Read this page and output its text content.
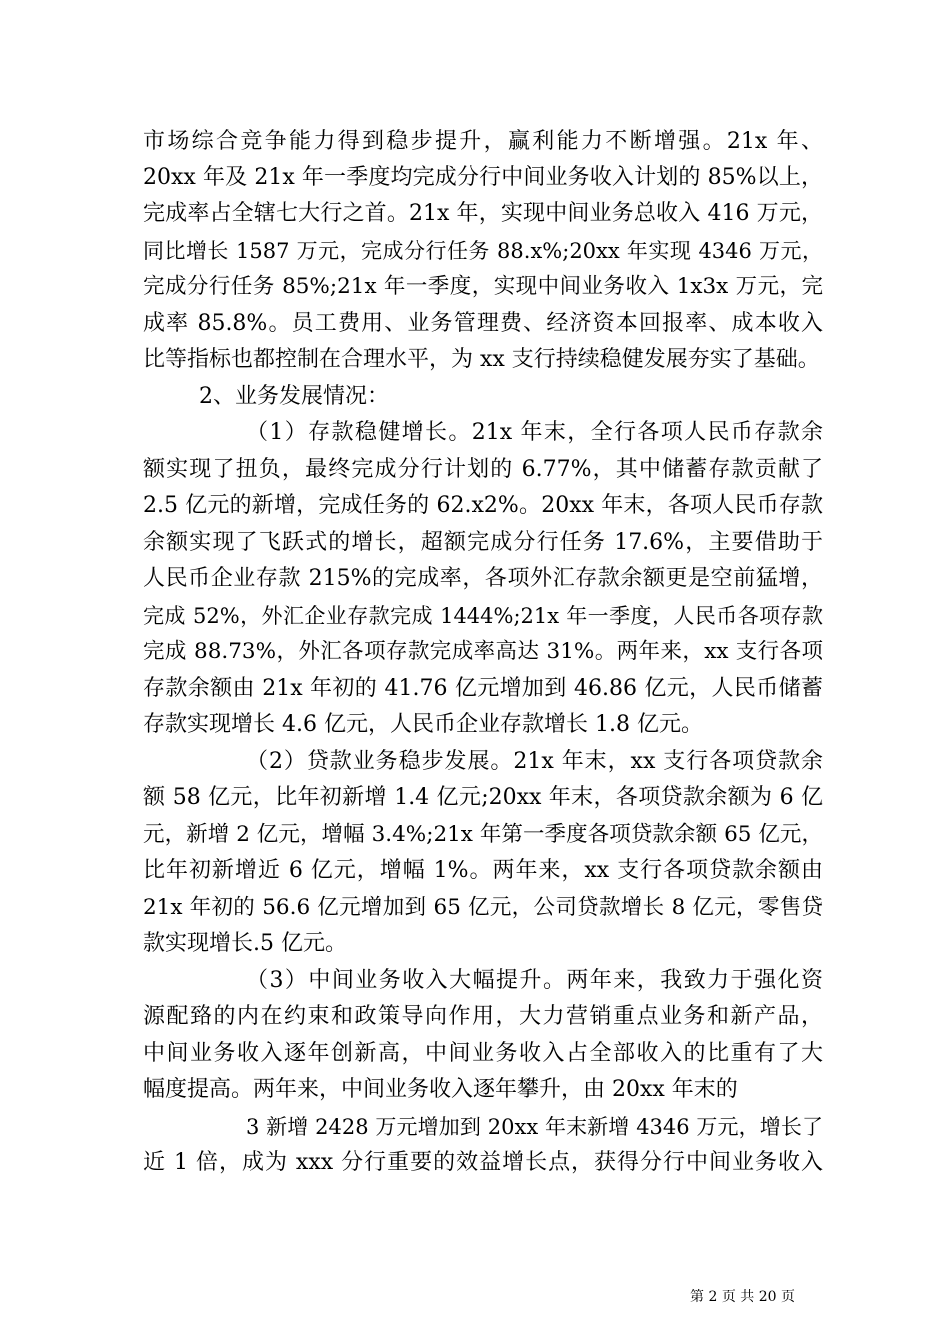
市场综合竞争能力得到稳步提升，赢利能力不断增强。21x 年、
20xx 年及 21x 年一季度均完成分行中间业务收入计划的 85%以上，
完成率占全辖七大行之首。21x 年，实现中间业务总收入 416 万元，
同比增长 1587 万元，完成分行任务 88.x%;20xx 年实现 4346 万元，
完成分行任务 85%;21x 年一季度，实现中间业务收入 1x3x 万元，完
成率 85.8%。员工费用、业务管理费、经济资本回报率、成本收入
比等指标也都控制在合理水平，为 xx 支行持续稳健发展夯实了基础。
2、业务发展情况：
（1）存款稳健增长。21x 年末，全行各项人民币存款余
额实现了扭负，最终完成分行计划的 6.77%，其中储蓄存款贡献了
2.5 亿元的新增，完成任务的 62.x2%。20xx 年末，各项人民币存款
余额实现了飞跃式的增长，超额完成分行任务 17.6%，主要借助于
人民币企业存款 215%的完成率，各项外汇存款余额更是空前猛增，
完成 52%，外汇企业存款完成 1444%;21x 年一季度，人民币各项存款
完成 88.73%，外汇各项存款完成率高达 31%。两年来，xx 支行各项
存款余额由 21x 年初的 41.76 亿元增加到 46.86 亿元，人民币储蓄
存款实现增长 4.6 亿元，人民币企业存款增长 1.8 亿元。
（2）贷款业务稳步发展。21x 年末，xx 支行各项贷款余
额 58 亿元，比年初新增 1.4 亿元;20xx 年末，各项贷款余额为 6 亿
元，新增 2 亿元，增幅 3.4%;21x 年第一季度各项贷款余额 65 亿元，
比年初新增近 6 亿元，增幅 1%。两年来，xx 支行各项贷款余额由
21x 年初的 56.6 亿元增加到 65 亿元，公司贷款增长 8 亿元，零售贷
款实现增长.5 亿元。
（3）中间业务收入大幅提升。两年来，我致力于强化资
源配臵的内在约束和政策导向作用，大力营销重点业务和新产品，
中间业务收入逐年创新高，中间业务收入占全部收入的比重有了大
幅度提高。两年来，中间业务收入逐年攀升，由 20xx 年末的
3 新增 2428 万元增加到 20xx 年末新增 4346 万元，增长了
近 1 倍，成为 xxx 分行重要的效益增长点，获得分行中间业务收入
第 2 页 共 20 页
